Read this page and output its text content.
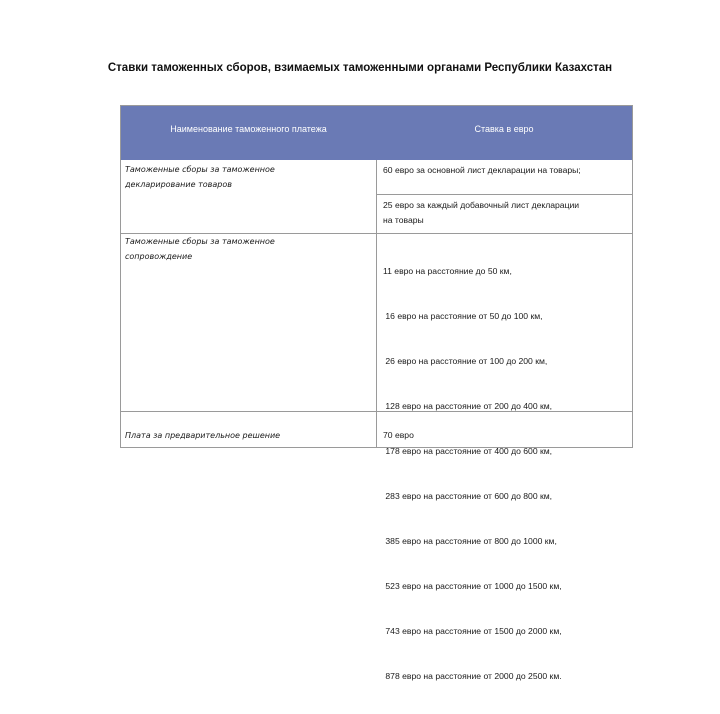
Ставки таможенных сборов, взимаемых таможенными органами Республики Казахстан
Наименование таможенного платежа	Ставка в евро
Таможенные сборы за таможенное
декларирование товаров
60 евро за основной лист декларации на товары;
25 евро за каждый добавочный лист декларации
на товары
Таможенные сборы за таможенное
сопровождение

11 евро на расстояние до 50 км,

16 евро на расстояние от 50 до 100 км,

26 евро на расстояние от 100 до 200 км,

128 евро на расстояние от 200 до 400 км,

178 евро на расстояние от 400 до 600 км,

283 евро на расстояние от 600 до 800 км,

385 евро на расстояние от 800 до 1000 км,

523 евро на расстояние от 1000 до 1500 км,

743 евро на расстояние от 1500 до 2000 км,

878 евро на расстояние от 2000 до 2500 км.

Плата за предварительное решение	70 евро
